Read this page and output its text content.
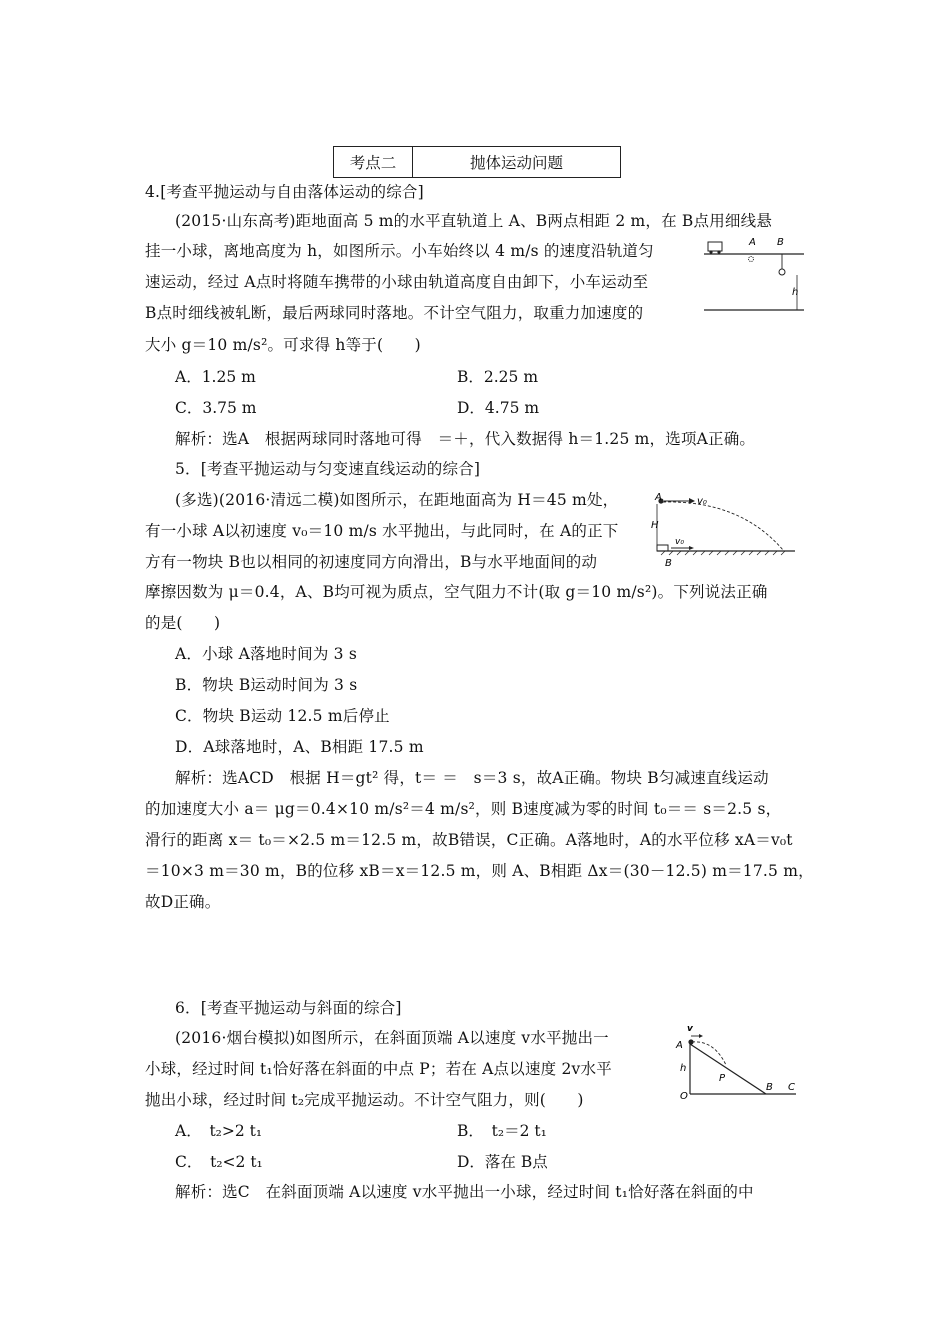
考点二	抛体运动问题
4.[考查平抛运动与自由落体运动的综合]
(2015·山东高考)距地面高 5 m的水平直轨道上 A、B两点相距 2 m，在 B点用细线悬
挂一小球，离地高度为 h，如图所示。小车始终以 4 m/s 的速度沿轨道匀
速运动，经过 A点时将随车携带的小球由轨道高度自由卸下，小车运动至
B点时细线被轧断，最后两球同时落地。不计空气阻力，取重力加速度的
大小 g＝10 m/s²。可求得 h等于(　　)
A B
h
A．1.25 m	B．2.25 m
C．3.75 m	D．4.75 m
解析：选A　根据两球同时落地可得　＝＋，代入数据得 h＝1.25 m，选项A正确。
5．[考查平抛运动与匀变速直线运动的综合]
(多选)(2016·清远二模)如图所示，在距地面高为 H＝45 m处，
有一小球 A以初速度 v₀＝10 m/s 水平抛出，与此同时，在 A的正下
方有一物块 B也以相同的初速度同方向滑出，B与水平地面间的动
摩擦因数为 μ＝0.4，A、B均可视为质点，空气阻力不计(取 g＝10 m/s²)。下列说法正确
的是(　　)
A	v₀
H
v₀
B
A．小球 A落地时间为 3 s
B．物块 B运动时间为 3 s
C．物块 B运动 12.5 m后停止
D．A球落地时，A、B相距 17.5 m
解析：选ACD　根据 H＝gt² 得，t＝ ＝　s＝3 s，故A正确。物块 B匀减速直线运动
的加速度大小 a＝ μg＝0.4×10 m/s²＝4 m/s²，则 B速度减为零的时间 t₀＝＝ s＝2.5 s，
滑行的距离 x＝ t₀＝×2.5 m＝12.5 m，故B错误，C正确。A落地时，A的水平位移 xA＝v₀t
＝10×3 m＝30 m，B的位移 xB＝x＝12.5 m，则 A、B相距 Δx＝(30－12.5) m＝17.5 m，
故D正确。
6．[考查平抛运动与斜面的综合]
(2016·烟台模拟)如图所示，在斜面顶端 A以速度 v水平抛出一
小球，经过时间 t₁恰好落在斜面的中点 P；若在 A点以速度 2v水平
抛出小球，经过时间 t₂完成平抛运动。不计空气阻力，则(　　)
v
A
h
P
B C
O
A．　t₂>2 t₁	B．　t₂＝2 t₁
C．　t₂<2 t₁	D．落在 B点
解析：选C　在斜面顶端 A以速度 v水平抛出一小球，经过时间 t₁恰好落在斜面的中
